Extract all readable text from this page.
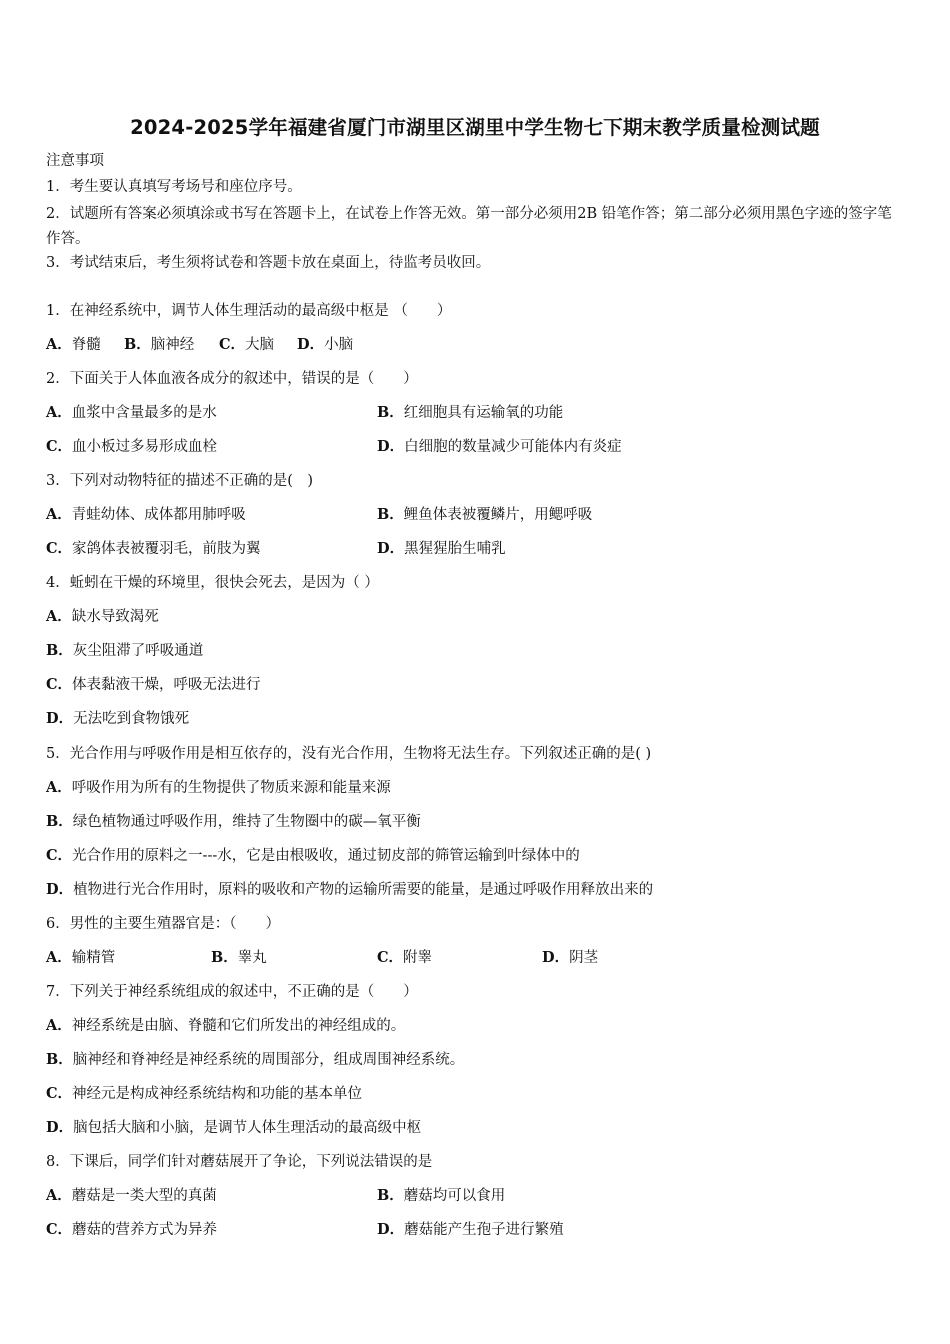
2024-2025学年福建省厦门市湖里区湖里中学生物七下期末教学质量检测试题
注意事项
1．考生要认真填写考场号和座位序号。
2．试题所有答案必须填涂或书写在答题卡上，在试卷上作答无效。第一部分必须用2B 铅笔作答；第二部分必须用黑色字迹的签字笔作答。
3．考试结束后，考生须将试卷和答题卡放在桌面上，待监考员收回。
1．在神经系统中，调节人体生理活动的最高级中枢是 （　　）
A．脊髓 B．脑神经 C．大脑 D．小脑
2．下面关于人体血液各成分的叙述中，错误的是（　　）
A．血浆中含量最多的是水	B．红细胞具有运输氧的功能
C．血小板过多易形成血栓	D．白细胞的数量减少可能体内有炎症
3．下列对动物特征的描述不正确的是(　)
A．青蛙幼体、成体都用肺呼吸	B．鲤鱼体表被覆鳞片，用鳃呼吸
C．家鸽体表被覆羽毛，前肢为翼	D．黑猩猩胎生哺乳
4．蚯蚓在干燥的环境里，很快会死去，是因为（ ）
A．缺水导致渴死
B．灰尘阻滞了呼吸通道
C．体表黏液干燥，呼吸无法进行
D．无法吃到食物饿死
5．光合作用与呼吸作用是相互依存的，没有光合作用，生物将无法生存。下列叙述正确的是( )
A．呼吸作用为所有的生物提供了物质来源和能量来源
B．绿色植物通过呼吸作用，维持了生物圈中的碳—氧平衡
C．光合作用的原料之一---水，它是由根吸收，通过韧皮部的筛管运输到叶绿体中的
D．植物进行光合作用时，原料的吸收和产物的运输所需要的能量，是通过呼吸作用释放出来的
6．男性的主要生殖器官是：（　　）
A．输精管	B．睾丸	C．附睾	D．阴茎
7．下列关于神经系统组成的叙述中，不正确的是（　　）
A．神经系统是由脑、脊髓和它们所发出的神经组成的。
B．脑神经和脊神经是神经系统的周围部分，组成周围神经系统。
C．神经元是构成神经系统结构和功能的基本单位
D．脑包括大脑和小脑，是调节人体生理活动的最高级中枢
8．下课后，同学们针对蘑菇展开了争论，下列说法错误的是
A．蘑菇是一类大型的真菌	B．蘑菇均可以食用
C．蘑菇的营养方式为异养	D．蘑菇能产生孢子进行繁殖
